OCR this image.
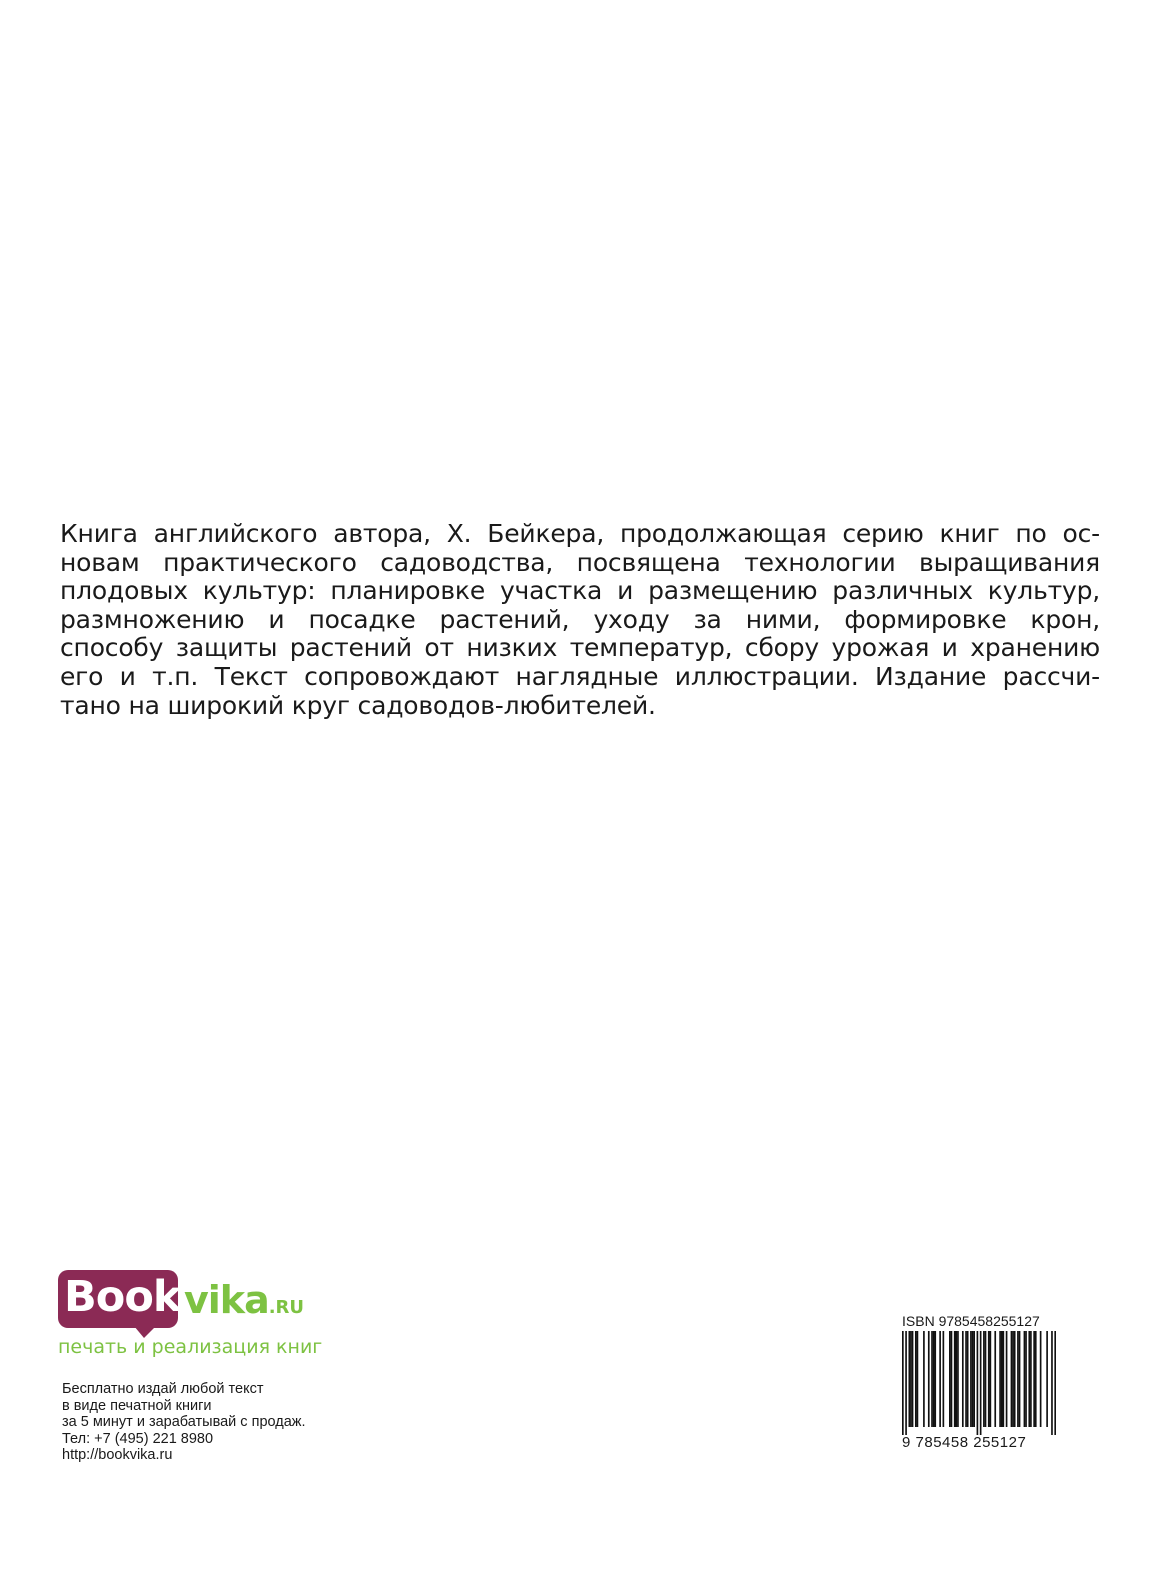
Книга английского автора, Х. Бейкера, продолжающая серию книг по ос-
новам практического садоводства, посвящена технологии выращивания
плодовых культур: планировке участка и размещению различных культур,
размножению и посадке растений, уходу за ними, формировке крон,
способу защиты растений от низких температур, сбору урожая и хранению
его и т.п. Текст сопровождают наглядные иллюстрации. Издание рассчи-
тано на широкий круг садоводов-любителей.
Book vika.RU
печать и реализация книг
Бесплатно издай любой текст
в виде печатной книги
за 5 минут и зарабатывай с продаж.
Тел: +7 (495) 221 8980
http://bookvika.ru
ISBN 9785458255127
9 785458 255127
